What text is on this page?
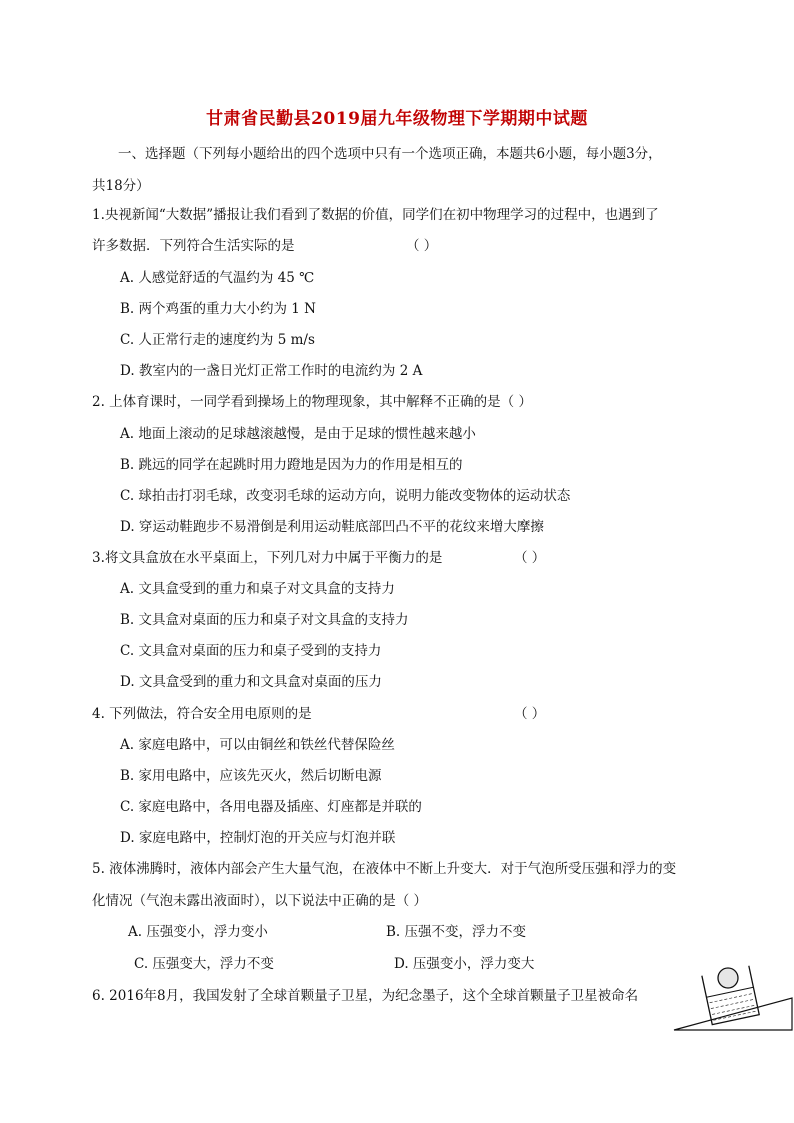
甘肃省民勤县2019届九年级物理下学期期中试题
一、选择题（下列每小题给出的四个选项中只有一个选项正确，本题共6小题，每小题3分，
共18分）
1.央视新闻“大数据”播报让我们看到了数据的价值，同学们在初中物理学习的过程中，也遇到了
许多数据．下列符合生活实际的是	（ ）
A. 人感觉舒适的气温约为 45 ℃
B. 两个鸡蛋的重力大小约为 1 N
C. 人正常行走的速度约为 5 m/s
D. 教室内的一盏日光灯正常工作时的电流约为 2 A
2. 上体育课时，一同学看到操场上的物理现象，其中解释不正确的是（ ）
A. 地面上滚动的足球越滚越慢，是由于足球的惯性越来越小
B. 跳远的同学在起跳时用力蹬地是因为力的作用是相互的
C. 球拍击打羽毛球，改变羽毛球的运动方向，说明力能改变物体的运动状态
D. 穿运动鞋跑步不易滑倒是利用运动鞋底部凹凸不平的花纹来增大摩擦
3.将文具盒放在水平桌面上，下列几对力中属于平衡力的是	（ ）
A. 文具盒受到的重力和桌子对文具盒的支持力
B. 文具盒对桌面的压力和桌子对文具盒的支持力
C. 文具盒对桌面的压力和桌子受到的支持力
D. 文具盒受到的重力和文具盒对桌面的压力
4. 下列做法，符合安全用电原则的是	（ ）
A. 家庭电路中，可以由铜丝和铁丝代替保险丝
B. 家用电路中，应该先灭火，然后切断电源
C. 家庭电路中，各用电器及插座、灯座都是并联的
D. 家庭电路中，控制灯泡的开关应与灯泡并联
5. 液体沸腾时，液体内部会产生大量气泡，在液体中不断上升变大．对于气泡所受压强和浮力的变
化情况（气泡未露出液面时），以下说法中正确的是（ ）
A. 压强变小，浮力变小	B. 压强不变，浮力不变
C. 压强变大，浮力不变	D. 压强变小，浮力变大
6. 2016年8月，我国发射了全球首颗量子卫星，为纪念墨子，这个全球首颗量子卫星被命名
